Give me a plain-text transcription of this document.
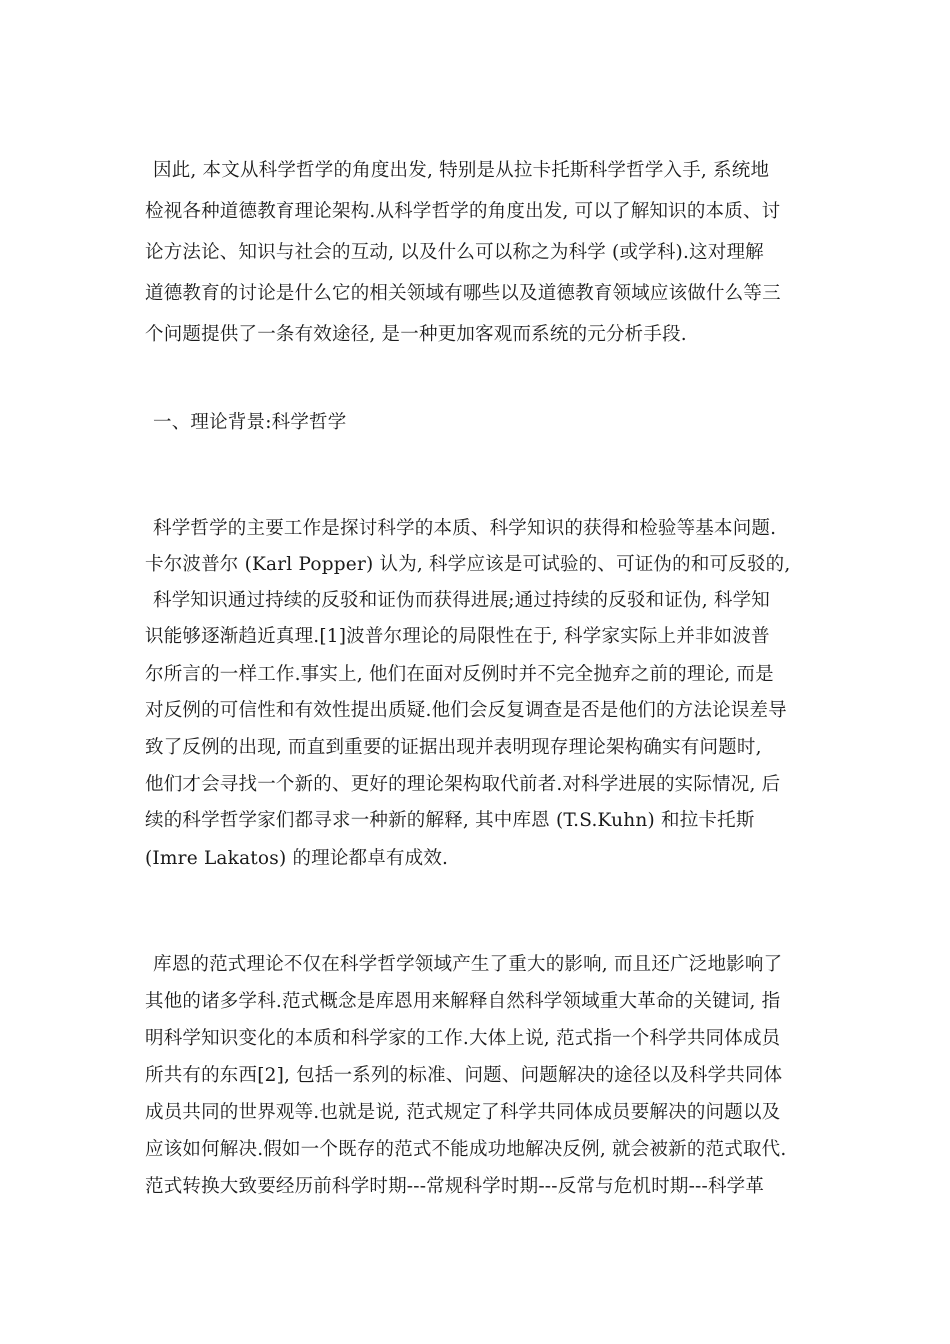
因此, 本文从科学哲学的角度出发, 特别是从拉卡托斯科学哲学入手, 系统地
检视各种道德教育理论架构.从科学哲学的角度出发, 可以了解知识的本质、讨
论方法论、知识与社会的互动, 以及什么可以称之为科学 (或学科).这对理解
道德教育的讨论是什么它的相关领域有哪些以及道德教育领域应该做什么等三
个问题提供了一条有效途径, 是一种更加客观而系统的元分析手段.
一、理论背景:科学哲学
科学哲学的主要工作是探讨科学的本质、科学知识的获得和检验等基本问题.
卡尔波普尔 (Karl Popper) 认为, 科学应该是可试验的、可证伪的和可反驳的,
科学知识通过持续的反驳和证伪而获得进展;通过持续的反驳和证伪, 科学知
识能够逐渐趋近真理.[1]波普尔理论的局限性在于, 科学家实际上并非如波普
尔所言的一样工作.事实上, 他们在面对反例时并不完全抛弃之前的理论, 而是
对反例的可信性和有效性提出质疑.他们会反复调查是否是他们的方法论误差导
致了反例的出现, 而直到重要的证据出现并表明现存理论架构确实有问题时,
他们才会寻找一个新的、更好的理论架构取代前者.对科学进展的实际情况, 后
续的科学哲学家们都寻求一种新的解释, 其中库恩 (T.S.Kuhn) 和拉卡托斯
(Imre Lakatos) 的理论都卓有成效.
库恩的范式理论不仅在科学哲学领域产生了重大的影响, 而且还广泛地影响了
其他的诸多学科.范式概念是库恩用来解释自然科学领域重大革命的关键词, 指
明科学知识变化的本质和科学家的工作.大体上说, 范式指一个科学共同体成员
所共有的东西[2], 包括一系列的标准、问题、问题解决的途径以及科学共同体
成员共同的世界观等.也就是说, 范式规定了科学共同体成员要解决的问题以及
应该如何解决.假如一个既存的范式不能成功地解决反例, 就会被新的范式取代.
范式转换大致要经历前科学时期---常规科学时期---反常与危机时期---科学革
